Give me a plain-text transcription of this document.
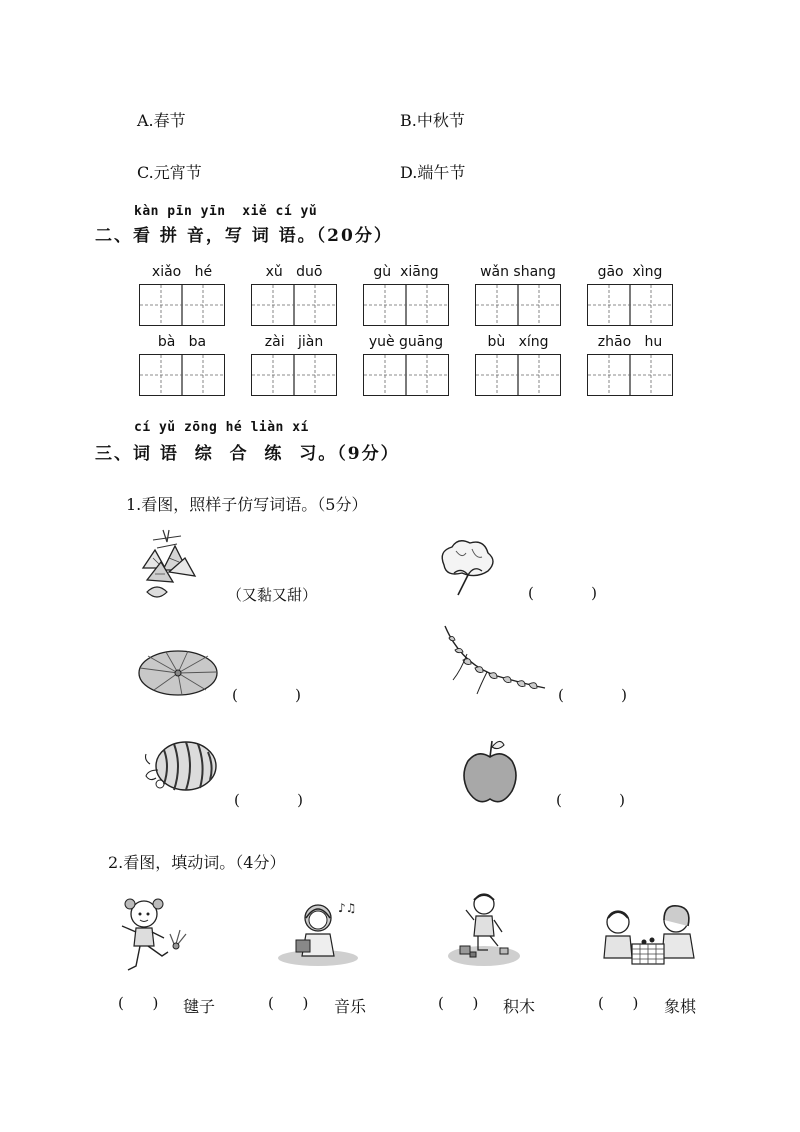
A.春节	B.中秋节
C.元宵节	D.端午节
kàn pīn yīn  xiě cí yǔ
二、看 拼 音，写 词 语。（20分）
xiǎo   hé	xǔ   duō	gù  xiāng	wǎn shang	gāo  xìng
bà   ba	zài   jiàn	yuè guāng	bù   xíng	zhāo   hu
cí yǔ zōng hé liàn xí
三、词 语  综  合  练  习。（9分）
1.看图，照样子仿写词语。（5分）
（又黏又甜）	(            )
(            )	(            )
(            )	(            )
2.看图，填动词。（4分）
♪♫
(      ) 毽子	(      ) 音乐	(      ) 积木	(      ) 象棋
